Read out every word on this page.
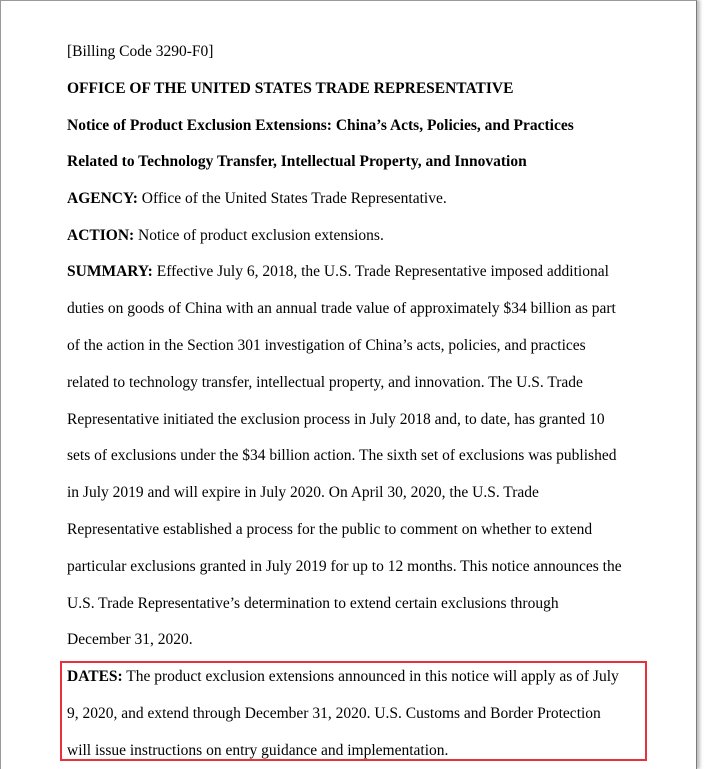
[Billing Code 3290-F0]
OFFICE OF THE UNITED STATES TRADE REPRESENTATIVE
Notice of Product Exclusion Extensions: China’s Acts, Policies, and Practices
Related to Technology Transfer, Intellectual Property, and Innovation
AGENCY: Office of the United States Trade Representative.
ACTION: Notice of product exclusion extensions.
SUMMARY: Effective July 6, 2018, the U.S. Trade Representative imposed additional
duties on goods of China with an annual trade value of approximately $34 billion as part
of the action in the Section 301 investigation of China’s acts, policies, and practices
related to technology transfer, intellectual property, and innovation. The U.S. Trade
Representative initiated the exclusion process in July 2018 and, to date, has granted 10
sets of exclusions under the $34 billion action. The sixth set of exclusions was published
in July 2019 and will expire in July 2020. On April 30, 2020, the U.S. Trade
Representative established a process for the public to comment on whether to extend
particular exclusions granted in July 2019 for up to 12 months. This notice announces the
U.S. Trade Representative’s determination to extend certain exclusions through
December 31, 2020.
DATES: The product exclusion extensions announced in this notice will apply as of July
9, 2020, and extend through December 31, 2020. U.S. Customs and Border Protection
will issue instructions on entry guidance and implementation.
